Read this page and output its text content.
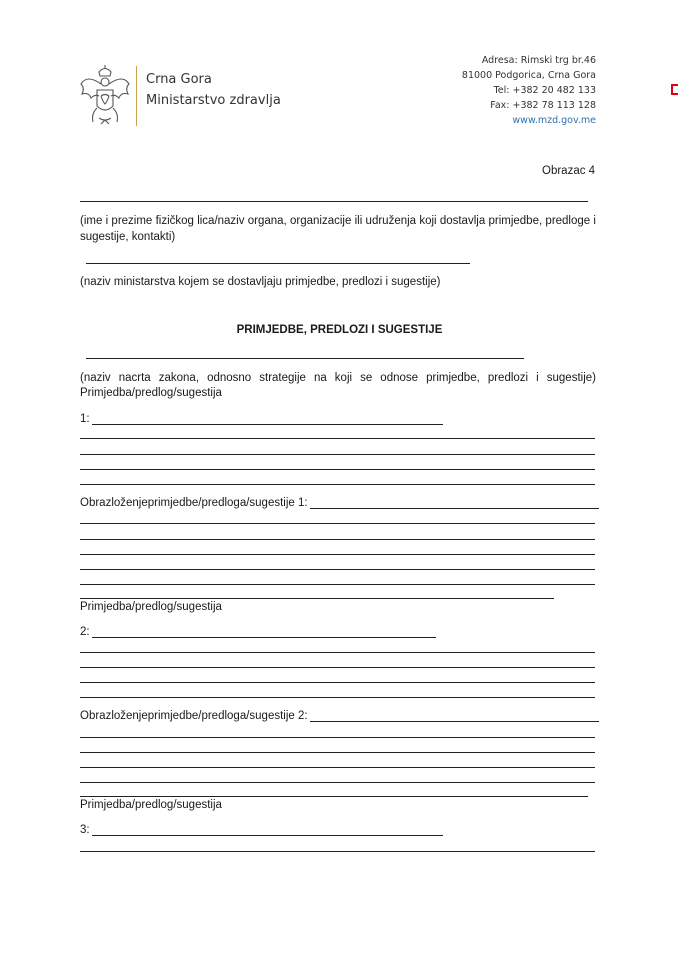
Crna Gora
Ministarstvo zdravlja
Adresa: Rimski trg br.46
81000 Podgorica, Crna Gora
Tel: +382 20 482 133
Fax: +382 78 113 128
www.mzd.gov.me
Obrazac 4
(ime i prezime fizičkog lica/naziv organa, organizacije ili udruženja koji dostavlja primjedbe, predloge i sugestije, kontakti)
(naziv ministarstva kojem se dostavljaju primjedbe, predlozi i sugestije)
PRIMJEDBE, PREDLOZI I SUGESTIJE
(naziv nacrta zakona, odnosno strategije na koji se odnose primjedbe, predlozi i sugestije)
Primjedba/predlog/sugestija
1:
Obrazloženjeprimjedbe/predloga/sugestije 1:
Primjedba/predlog/sugestija
2:
Obrazloženjeprimjedbe/predloga/sugestije 2:
Primjedba/predlog/sugestija
3:
